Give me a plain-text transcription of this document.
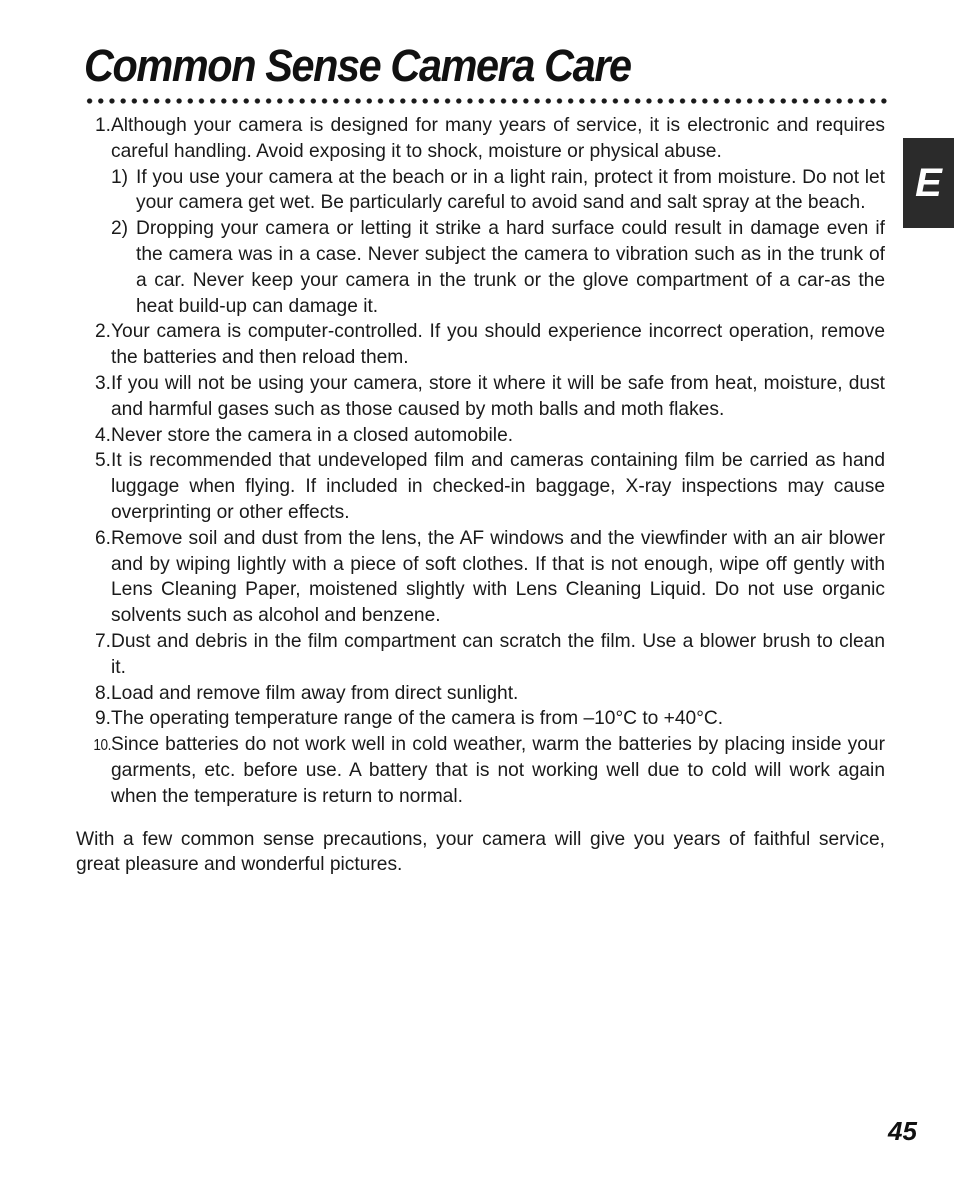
Common Sense Camera Care
E
1. Although your camera is designed for many years of service, it is electronic and requires careful handling. Avoid exposing it to shock, moisture or physical abuse.
1) If you use your camera at the beach or in a light rain, protect it from moisture. Do not let your camera get wet. Be particularly careful to avoid sand and salt spray at the beach.
2) Dropping your camera or letting it strike a hard surface could result in damage even if the camera was in a case. Never subject the camera to vibration such as in the trunk of a car. Never keep your camera in the trunk or the glove compartment of a car-as the heat build-up can damage it.
2. Your camera is computer-controlled. If you should experience incorrect operation, remove the batteries and then reload them.
3. If you will not be using your camera, store it where it will be safe from heat, moisture, dust and harmful gases such as those caused by moth balls and moth flakes.
4. Never store the camera in a closed automobile.
5. It is recommended that undeveloped film and cameras containing film be carried as hand luggage when flying. If included in checked-in baggage, X-ray inspections may cause overprinting or other effects.
6. Remove soil and dust from the lens, the AF windows and the viewfinder with an air blower and by wiping lightly with a piece of soft clothes. If that is not enough, wipe off gently with Lens Cleaning Paper, moistened slightly with Lens Cleaning Liquid. Do not use organic solvents such as alcohol and benzene.
7. Dust and debris in the film compartment can scratch the film. Use a blower brush to clean it.
8. Load and remove film away from direct sunlight.
9. The operating temperature range of the camera is from –10°C to +40°C.
10. Since batteries do not work well in cold weather, warm the batteries by placing inside your garments, etc. before use. A battery that is not working well due to cold will work again when the temperature is return to normal.

With a few common sense precautions, your camera will give you years of faithful service, great pleasure and wonderful pictures.

45
